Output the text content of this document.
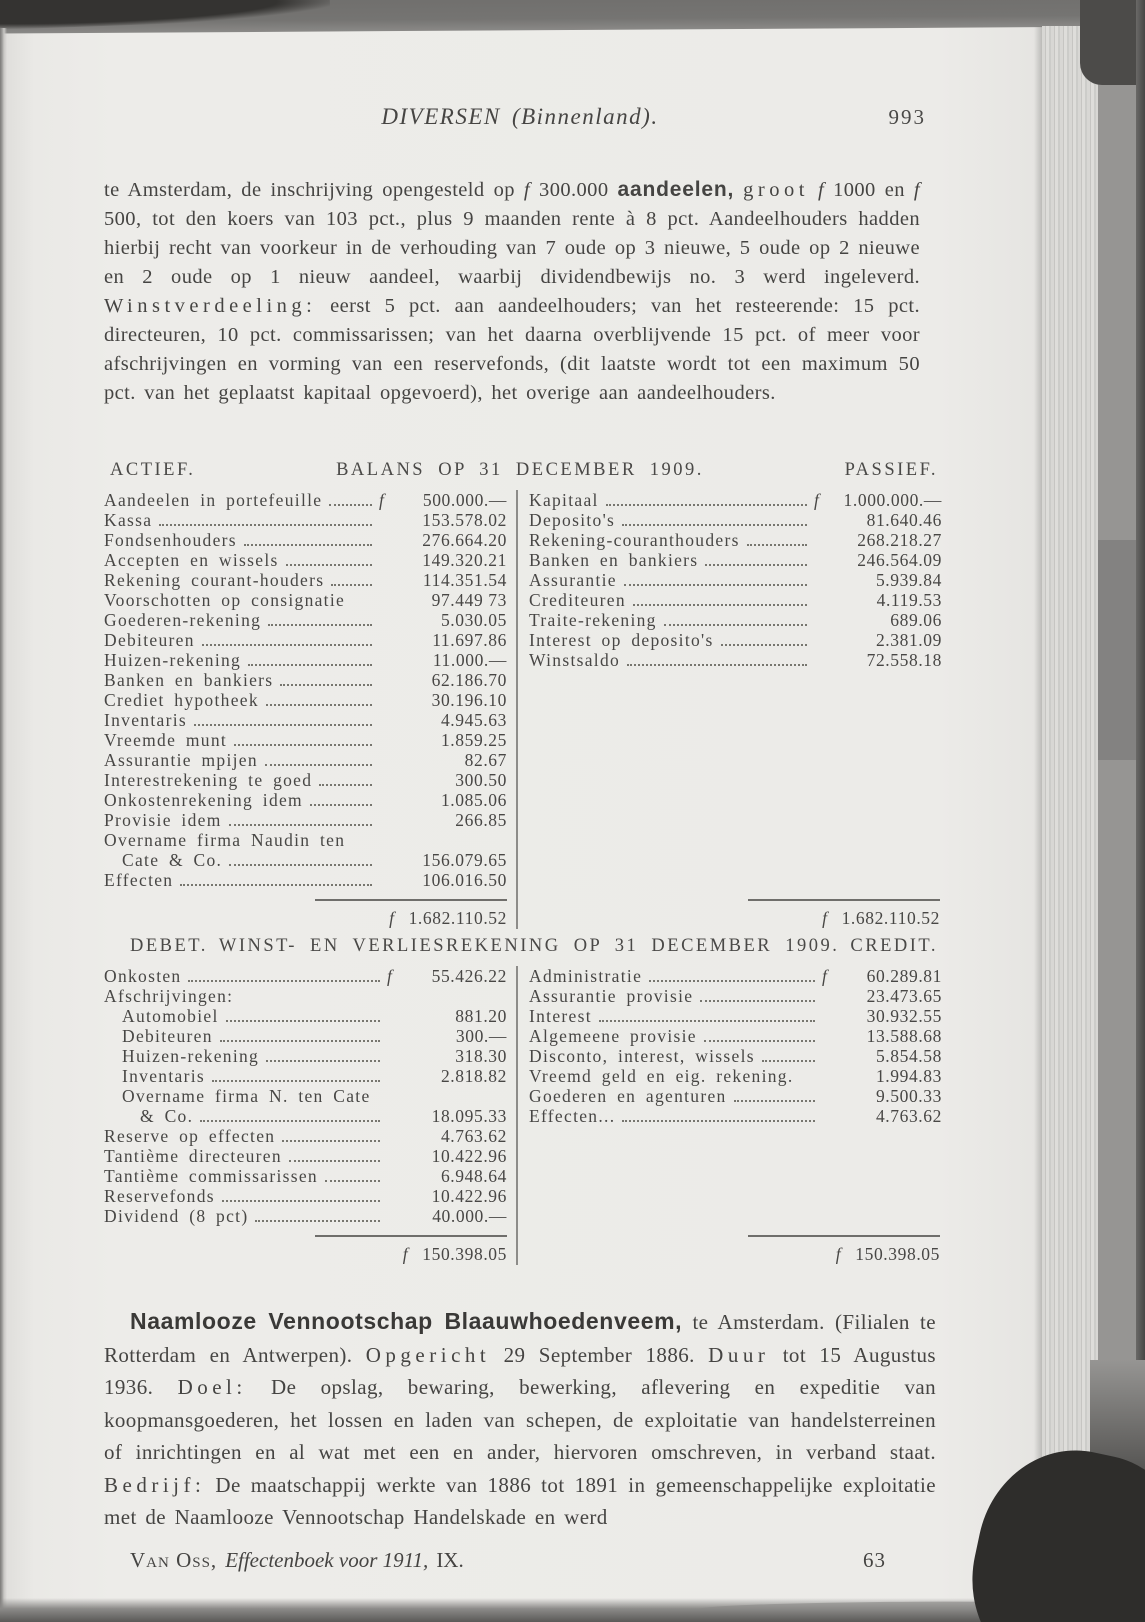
DIVERSEN (Binnenland).	993

te Amsterdam, de inschrijving opengesteld op f 300.000 aandeelen, groot f 1000 en f 500, tot den koers van 103 pct., plus 9 maanden rente à 8 pct. Aandeelhouders hadden hierbij recht van voorkeur in de verhouding van 7 oude op 3 nieuwe, 5 oude op 2 nieuwe en 2 oude op 1 nieuw aandeel, waarbij dividendbewijs no. 3 werd ingeleverd. Winstverdeeling: eerst 5 pct. aan aandeelhouders; van het resteerende: 15 pct. directeuren, 10 pct. commissarissen; van het daarna overblijvende 15 pct. of meer voor afschrijvingen en vorming van een reservefonds, (dit laatste wordt tot een maximum 50 pct. van het geplaatst kapitaal opgevoerd), het overige aan aandeelhouders.

ACTIEF.	BALANS OP 31 DECEMBER 1909.	PASSIEF.
Aandeelen in portefeuille	f	500.000.—
Kassa	153.578.02
Fondsenhouders	276.664.20
Accepten en wissels	149.320.21
Rekening courant-houders	114.351.54
Voorschotten op consignatie	97.449 73
Goederen-rekening	5.030.05
Debiteuren	11.697.86
Huizen-rekening	11.000.—
Banken en bankiers	62.186.70
Crediet hypotheek	30.196.10
Inventaris	4.945.63
Vreemde munt	1.859.25
Assurantie mpijen	82.67
Interestrekening te goed	300.50
Onkostenrekening idem	1.085.06
Provisie idem	266.85
Overname firma Naudin ten
Cate & Co.	156.079.65
Effecten	106.016.50
f 1.682.110.52
Kapitaal	f	1.000.000.—
Deposito's	81.640.46
Rekening-couranthouders	268.218.27
Banken en bankiers	246.564.09
Assurantie	5.939.84
Crediteuren	4.119.53
Traite-rekening	689.06
Interest op deposito's	2.381.09
Winstsaldo	72.558.18
f 1.682.110.52
DEBET. WINST- EN VERLIESREKENING OP 31 DECEMBER 1909. CREDIT.
Onkosten	f	55.426.22
Afschrijvingen:
Automobiel	881.20
Debiteuren	300.—
Huizen-rekening	318.30
Inventaris	2.818.82
Overname firma N. ten Cate
& Co.	18.095.33
Reserve op effecten	4.763.62
Tantième directeuren	10.422.96
Tantième commissarissen	6.948.64
Reservefonds	10.422.96
Dividend (8 pct)	40.000.—
f 150.398.05
Administratie	f	60.289.81
Assurantie provisie	23.473.65
Interest	30.932.55
Algemeene provisie	13.588.68
Disconto, interest, wissels	5.854.58
Vreemd geld en eig. rekening.	1.994.83
Goederen en agenturen	9.500.33
Effecten...	4.763.62
f 150.398.05

Naamlooze Vennootschap Blaauwhoedenveem, te Amsterdam. (Filialen te Rotterdam en Antwerpen). Opgericht 29 September 1886. Duur tot 15 Augustus 1936. Doel: De opslag, bewaring, bewerking, aflevering en expeditie van koopmansgoederen, het lossen en laden van schepen, de exploitatie van handelsterreinen of inrichtingen en al wat met een en ander, hiervoren omschreven, in verband staat. Bedrijf: De maatschappij werkte van 1886 tot 1891 in gemeenschappelijke exploitatie met de Naamlooze Vennootschap Handelskade en werd

Van Oss, Effectenboek voor 1911, IX.	63
